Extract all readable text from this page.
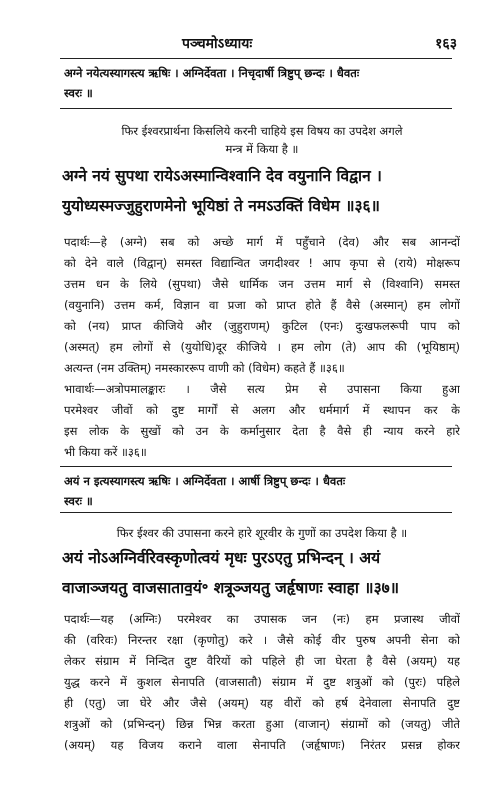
पञ्चमोऽध्यायः	१६३
अग्ने नयेत्यस्यागस्त्य ऋषिः । अग्निर्देवता । निचृदार्षी त्रिष्टुप् छन्दः । धैवतः
स्वरः ॥
फिर ईश्वरप्रार्थना किसलिये करनी चाहिये इस विषय का उपदेश अगले
मन्त्र में किया है ॥
अग्ने नयं सुपथा रायेऽअस्मान्विश्वानि देव वयुनानि विद्वान ।
युयोध्यस्मज्जुहुराणमेनो भूयिष्ठां ते नमऽउक्तिं विधेम ॥३६॥
पदार्थः—हे (अग्ने) सब को अच्छे मार्ग में पहुँचाने (देव) और सब आनन्दों
को देने वाले (विद्वान्) समस्त विद्यान्वित जगदीश्वर ! आप कृपा से (राये) मोक्षरूप
उत्तम धन के लिये (सुपथा) जैसे धार्मिक जन उत्तम मार्ग से (विश्वानि) समस्त
(वयुनानि) उत्तम कर्म, विज्ञान वा प्रजा को प्राप्त होते हैं वैसे (अस्मान्) हम लोगों
को (नय) प्राप्त कीजिये और (जुहुराणम्) कुटिल (एनः) दुःखफलरूपी पाप को
(अस्मत्) हम लोगों से (युयोधि)दूर कीजिये । हम लोग (ते) आप की (भूयिष्ठाम्)
अत्यन्त (नम उक्तिम्) नमस्काररूप वाणी को (विधेम) कहते हैं ॥३६॥
भावार्थः—अत्रोपमालङ्कारः । जैसे सत्य प्रेम से उपासना किया हुआ
परमेश्वर जीवों को दुष्ट मार्गों से अलग और धर्ममार्ग में स्थापन कर के
इस लोक के सुखों को उन के कर्मानुसार देता है वैसे ही न्याय करने हारे
भी किया करें ॥३६॥
अयं न इत्यस्यागस्त्य ऋषिः । अग्निर्देवता । आर्षी त्रिष्टुप् छन्दः । धैवतः
स्वरः ॥
फिर ईश्वर की उपासना करने हारे शूरवीर के गुणों का उपदेश किया है ॥
अयं नोऽअग्निर्वरिवस्कृणोत्वयं मृधः पुरऽएतु प्रभिन्दन् । अयं
वाजाञ्जयतु वाजसाताव॒यं॰ शत्रूञ्जयतु जर्हृषाणः स्वाहा ॥३७॥
पदार्थः—यह (अग्निः) परमेश्वर का उपासक जन (नः) हम प्रजास्थ जीवों
की (वरिवः) निरन्तर रक्षा (कृणोतु) करे । जैसे कोई वीर पुरुष अपनी सेना को
लेकर संग्राम में निन्दित दुष्ट वैरियों को पहिले ही जा घेरता है वैसे (अयम्) यह
युद्ध करने में कुशल सेनापति (वाजसातौ) संग्राम में दुष्ट शत्रुओं को (पुरः) पहिले
ही (एतु) जा घेरे और जैसे (अयम्) यह वीरों को हर्ष देनेवाला सेनापति दुष्ट
शत्रुओं को (प्रभिन्दन्) छिन्न भिन्न करता हुआ (वाजान्) संग्रामों को (जयतु) जीते
(अयम्) यह विजय कराने वाला सेनापति (जर्हृषाणः) निरंतर प्रसन्न होकर
